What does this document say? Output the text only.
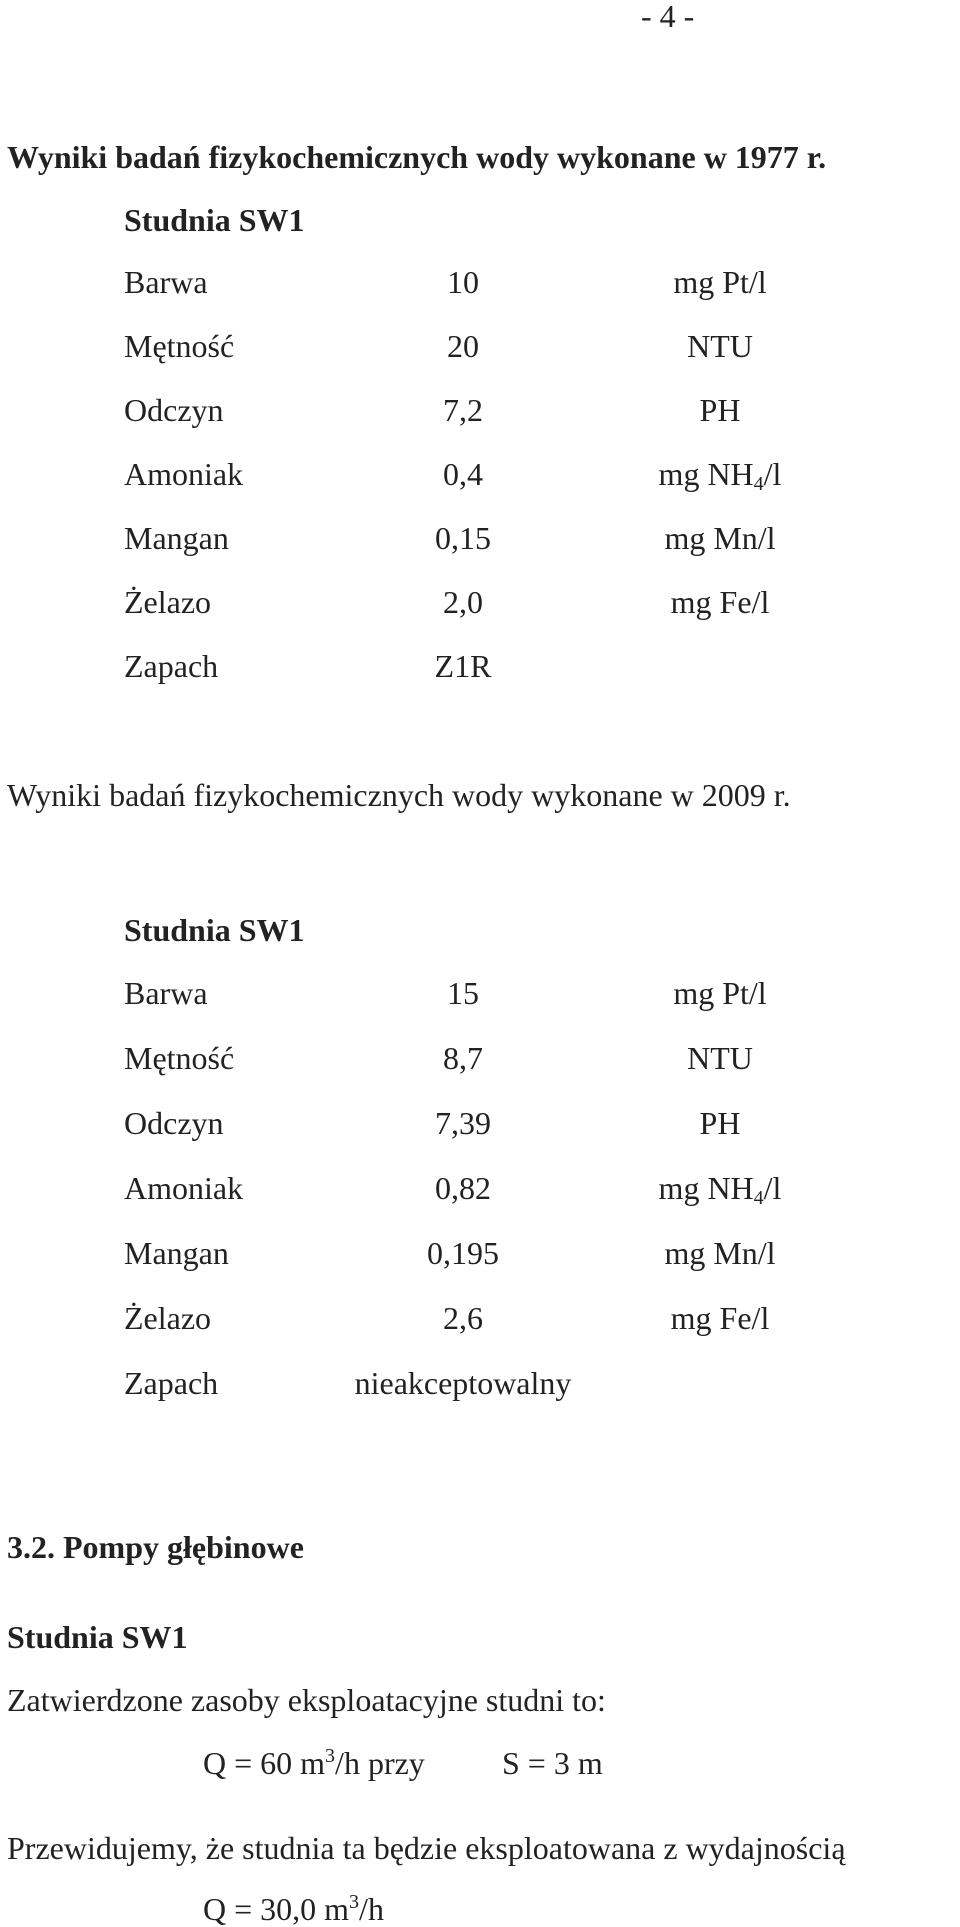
- 4 -
Wyniki badań fizykochemicznych wody wykonane w 1977 r.
Studnia SW1
Barwa	10	mg Pt/l
Mętność	20	NTU
Odczyn	7,2	PH
Amoniak	0,4	mg $NH_4/l$
Mangan	0,15	mg Mn/l
Żelazo	2,0	mg Fe/l
Zapach	Z1R
Wyniki badań fizykochemicznych wody wykonane w 2009 r.
Studnia SW1
Barwa	15	mg Pt/l
Mętność	8,7	NTU
Odczyn	7,39	PH
Amoniak	0,82	mg $NH_4/l$
Mangan	0,195	mg Mn/l
Żelazo	2,6	mg Fe/l
Zapach	nieakceptowalny
3.2. Pompy głębinowe
Studnia SW1
Zatwierdzone zasoby eksploatacyjne studni to:
Q = 60 $m^3/h$ przy S = 3 m
Przewidujemy, że studnia ta będzie eksploatowana z wydajnością
Q = 30,0 $m^3/h$
